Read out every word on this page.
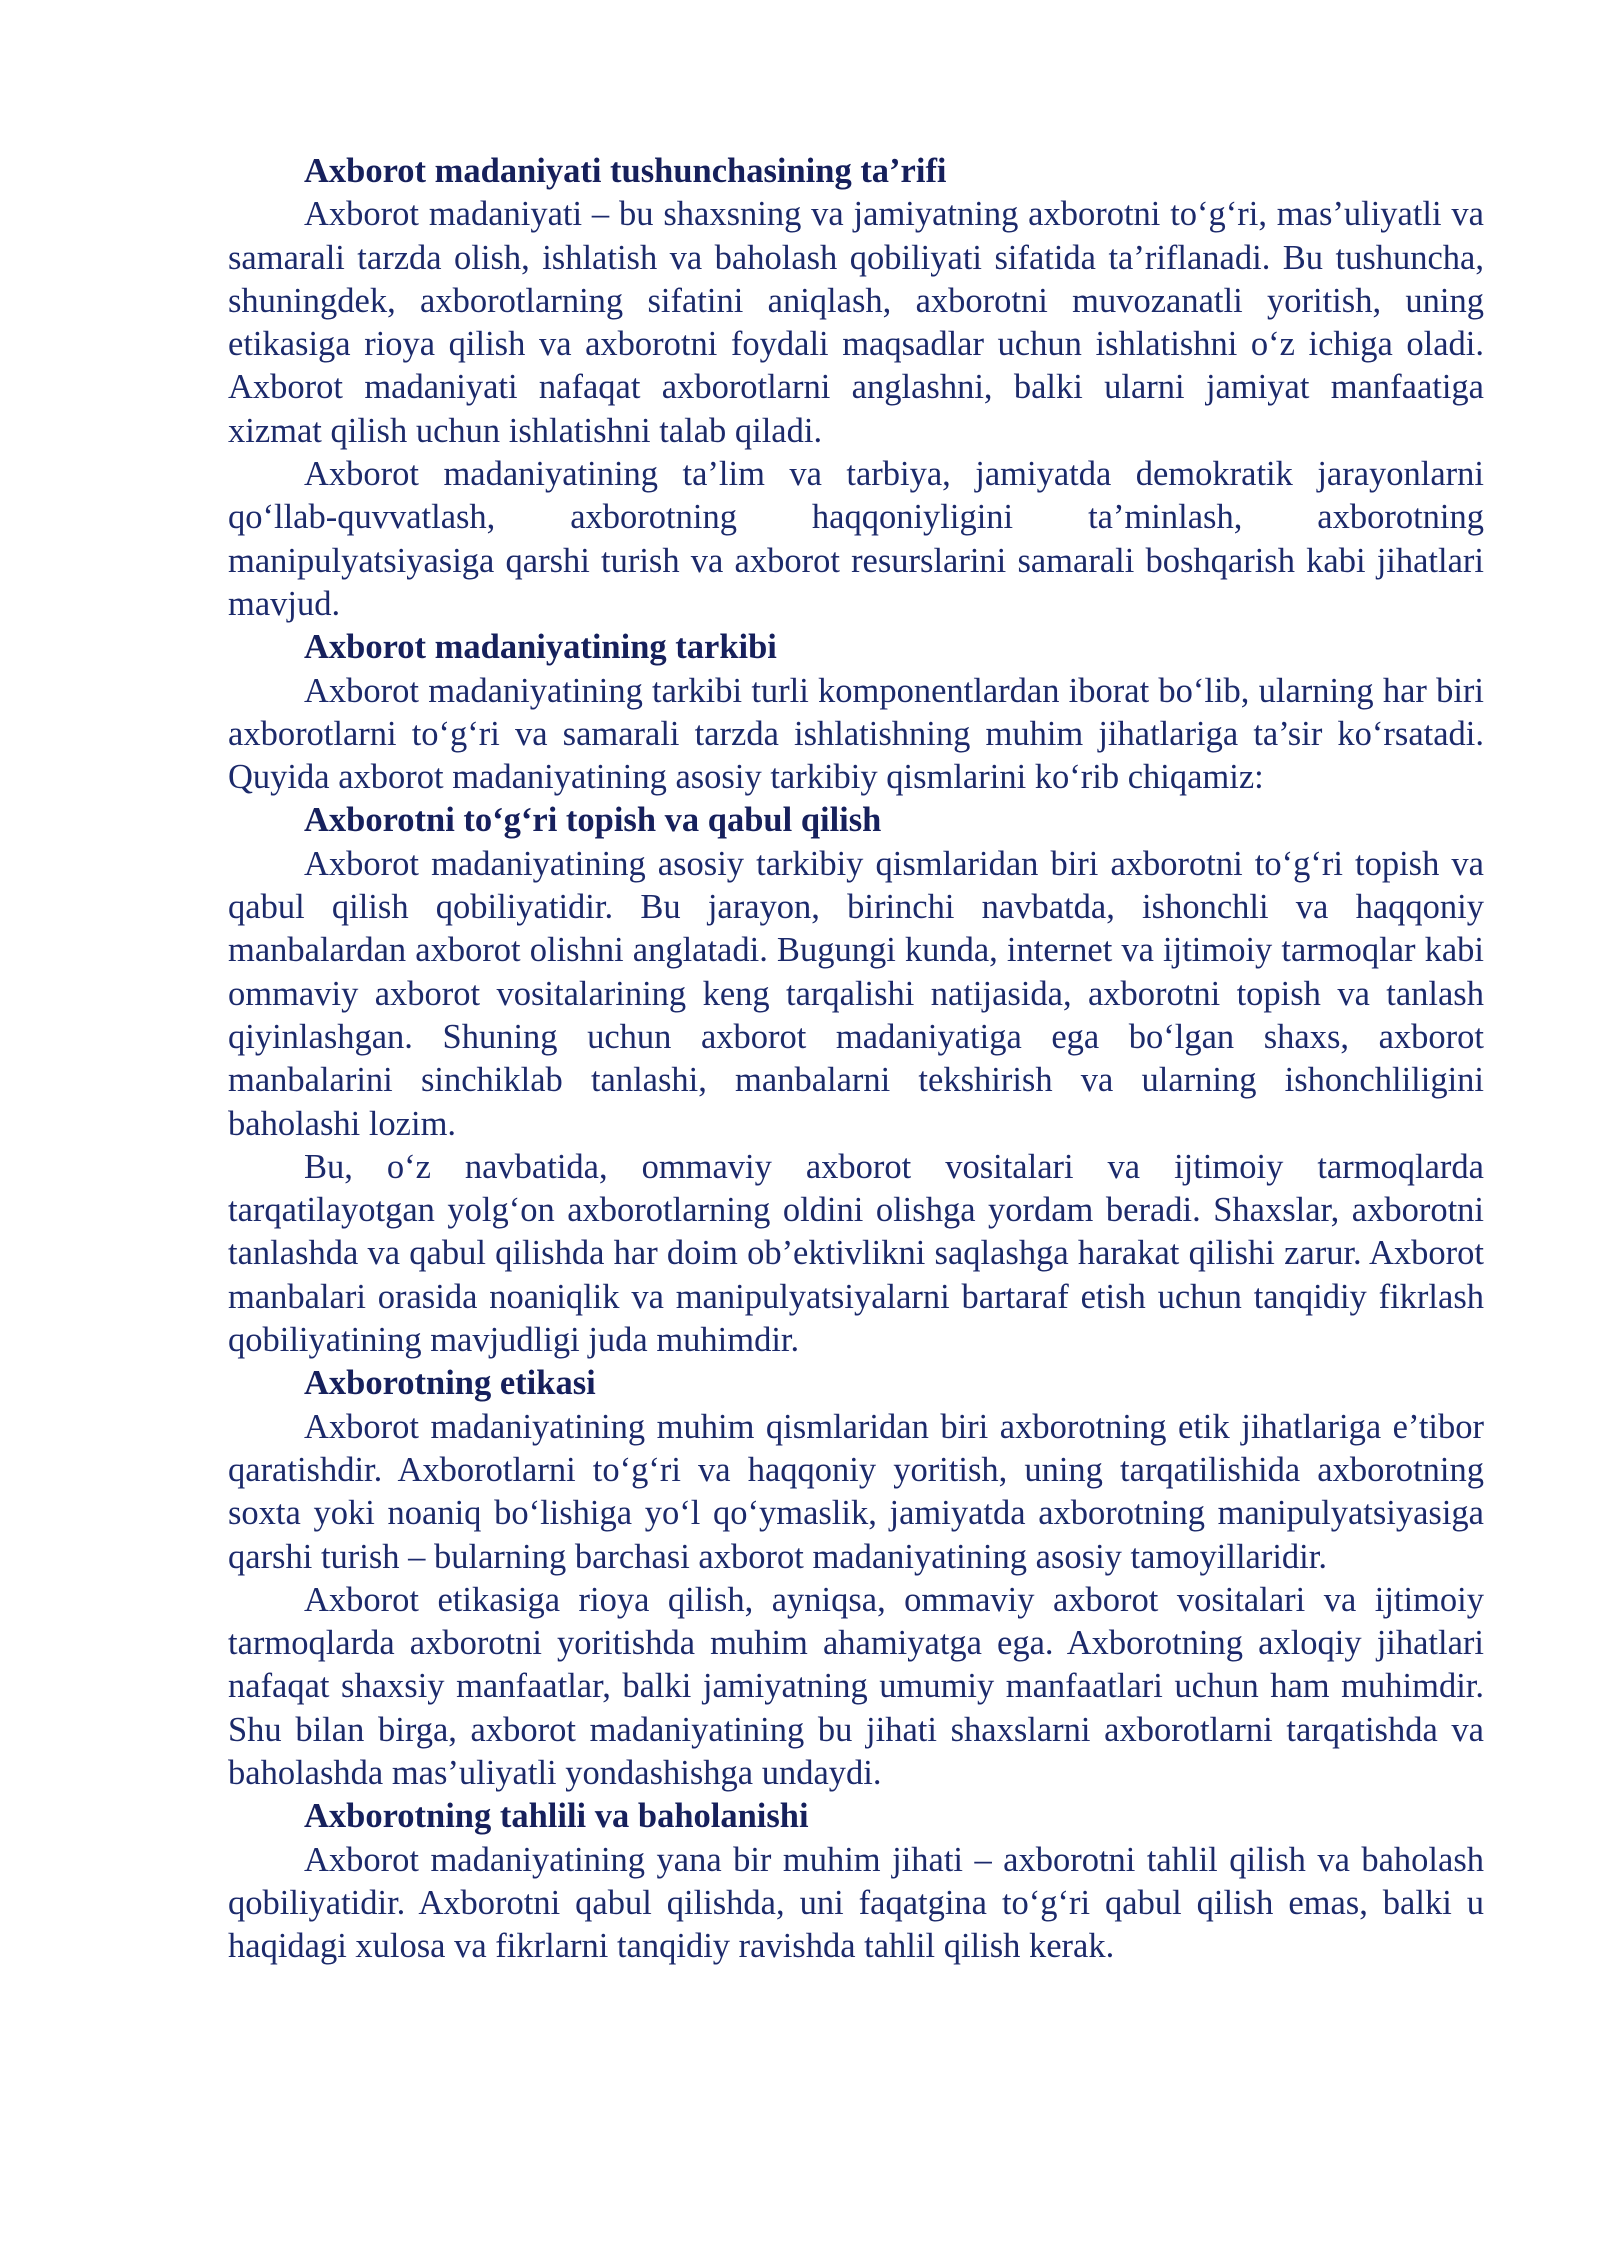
Axborot madaniyati tushunchasining ta’rifi

Axborot madaniyati – bu shaxsning va jamiyatning axborotni to‘g‘ri, mas’uliyatli va samarali tarzda olish, ishlatish va baholash qobiliyati sifatida ta’riflanadi. Bu tushuncha, shuningdek, axborotlarning sifatini aniqlash, axborotni muvozanatli yoritish, uning etikasiga rioya qilish va axborotni foydali maqsadlar uchun ishlatishni o‘z ichiga oladi. Axborot madaniyati nafaqat axborotlarni anglashni, balki ularni jamiyat manfaatiga xizmat qilish uchun ishlatishni talab qiladi.

Axborot madaniyatining ta’lim va tarbiya, jamiyatda demokratik jarayonlarni qo‘llab-quvvatlash, axborotning haqqoniyligini ta’minlash, axborotning manipulyatsiyasiga qarshi turish va axborot resurslarini samarali boshqarish kabi jihatlari mavjud.

Axborot madaniyatining tarkibi

Axborot madaniyatining tarkibi turli komponentlardan iborat bo‘lib, ularning har biri axborotlarni to‘g‘ri va samarali tarzda ishlatishning muhim jihatlariga ta’sir ko‘rsatadi. Quyida axborot madaniyatining asosiy tarkibiy qismlarini ko‘rib chiqamiz:

Axborotni to‘g‘ri topish va qabul qilish

Axborot madaniyatining asosiy tarkibiy qismlaridan biri axborotni to‘g‘ri topish va qabul qilish qobiliyatidir. Bu jarayon, birinchi navbatda, ishonchli va haqqoniy manbalardan axborot olishni anglatadi. Bugungi kunda, internet va ijtimoiy tarmoqlar kabi ommaviy axborot vositalarining keng tarqalishi natijasida, axborotni topish va tanlash qiyinlashgan. Shuning uchun axborot madaniyatiga ega bo‘lgan shaxs, axborot manbalarini sinchiklab tanlashi, manbalarni tekshirish va ularning ishonchliligini baholashi lozim.

Bu, o‘z navbatida, ommaviy axborot vositalari va ijtimoiy tarmoqlarda tarqatilayotgan yolg‘on axborotlarning oldini olishga yordam beradi. Shaxslar, axborotni tanlashda va qabul qilishda har doim ob’ektivlikni saqlashga harakat qilishi zarur. Axborot manbalari orasida noaniqlik va manipulyatsiyalarni bartaraf etish uchun tanqidiy fikrlash qobiliyatining mavjudligi juda muhimdir.

Axborotning etikasi

Axborot madaniyatining muhim qismlaridan biri axborotning etik jihatlariga e’tibor qaratishdir. Axborotlarni to‘g‘ri va haqqoniy yoritish, uning tarqatilishida axborotning soxta yoki noaniq bo‘lishiga yo‘l qo‘ymaslik, jamiyatda axborotning manipulyatsiyasiga qarshi turish – bularning barchasi axborot madaniyatining asosiy tamoyillaridir.

Axborot etikasiga rioya qilish, ayniqsa, ommaviy axborot vositalari va ijtimoiy tarmoqlarda axborotni yoritishda muhim ahamiyatga ega. Axborotning axloqiy jihatlari nafaqat shaxsiy manfaatlar, balki jamiyatning umumiy manfaatlari uchun ham muhimdir. Shu bilan birga, axborot madaniyatining bu jihati shaxslarni axborotlarni tarqatishda va baholashda mas’uliyatli yondashishga undaydi.

Axborotning tahlili va baholanishi

Axborot madaniyatining yana bir muhim jihati – axborotni tahlil qilish va baholash qobiliyatidir. Axborotni qabul qilishda, uni faqatgina to‘g‘ri qabul qilish emas, balki u haqidagi xulosa va fikrlarni tanqidiy ravishda tahlil qilish kerak.
